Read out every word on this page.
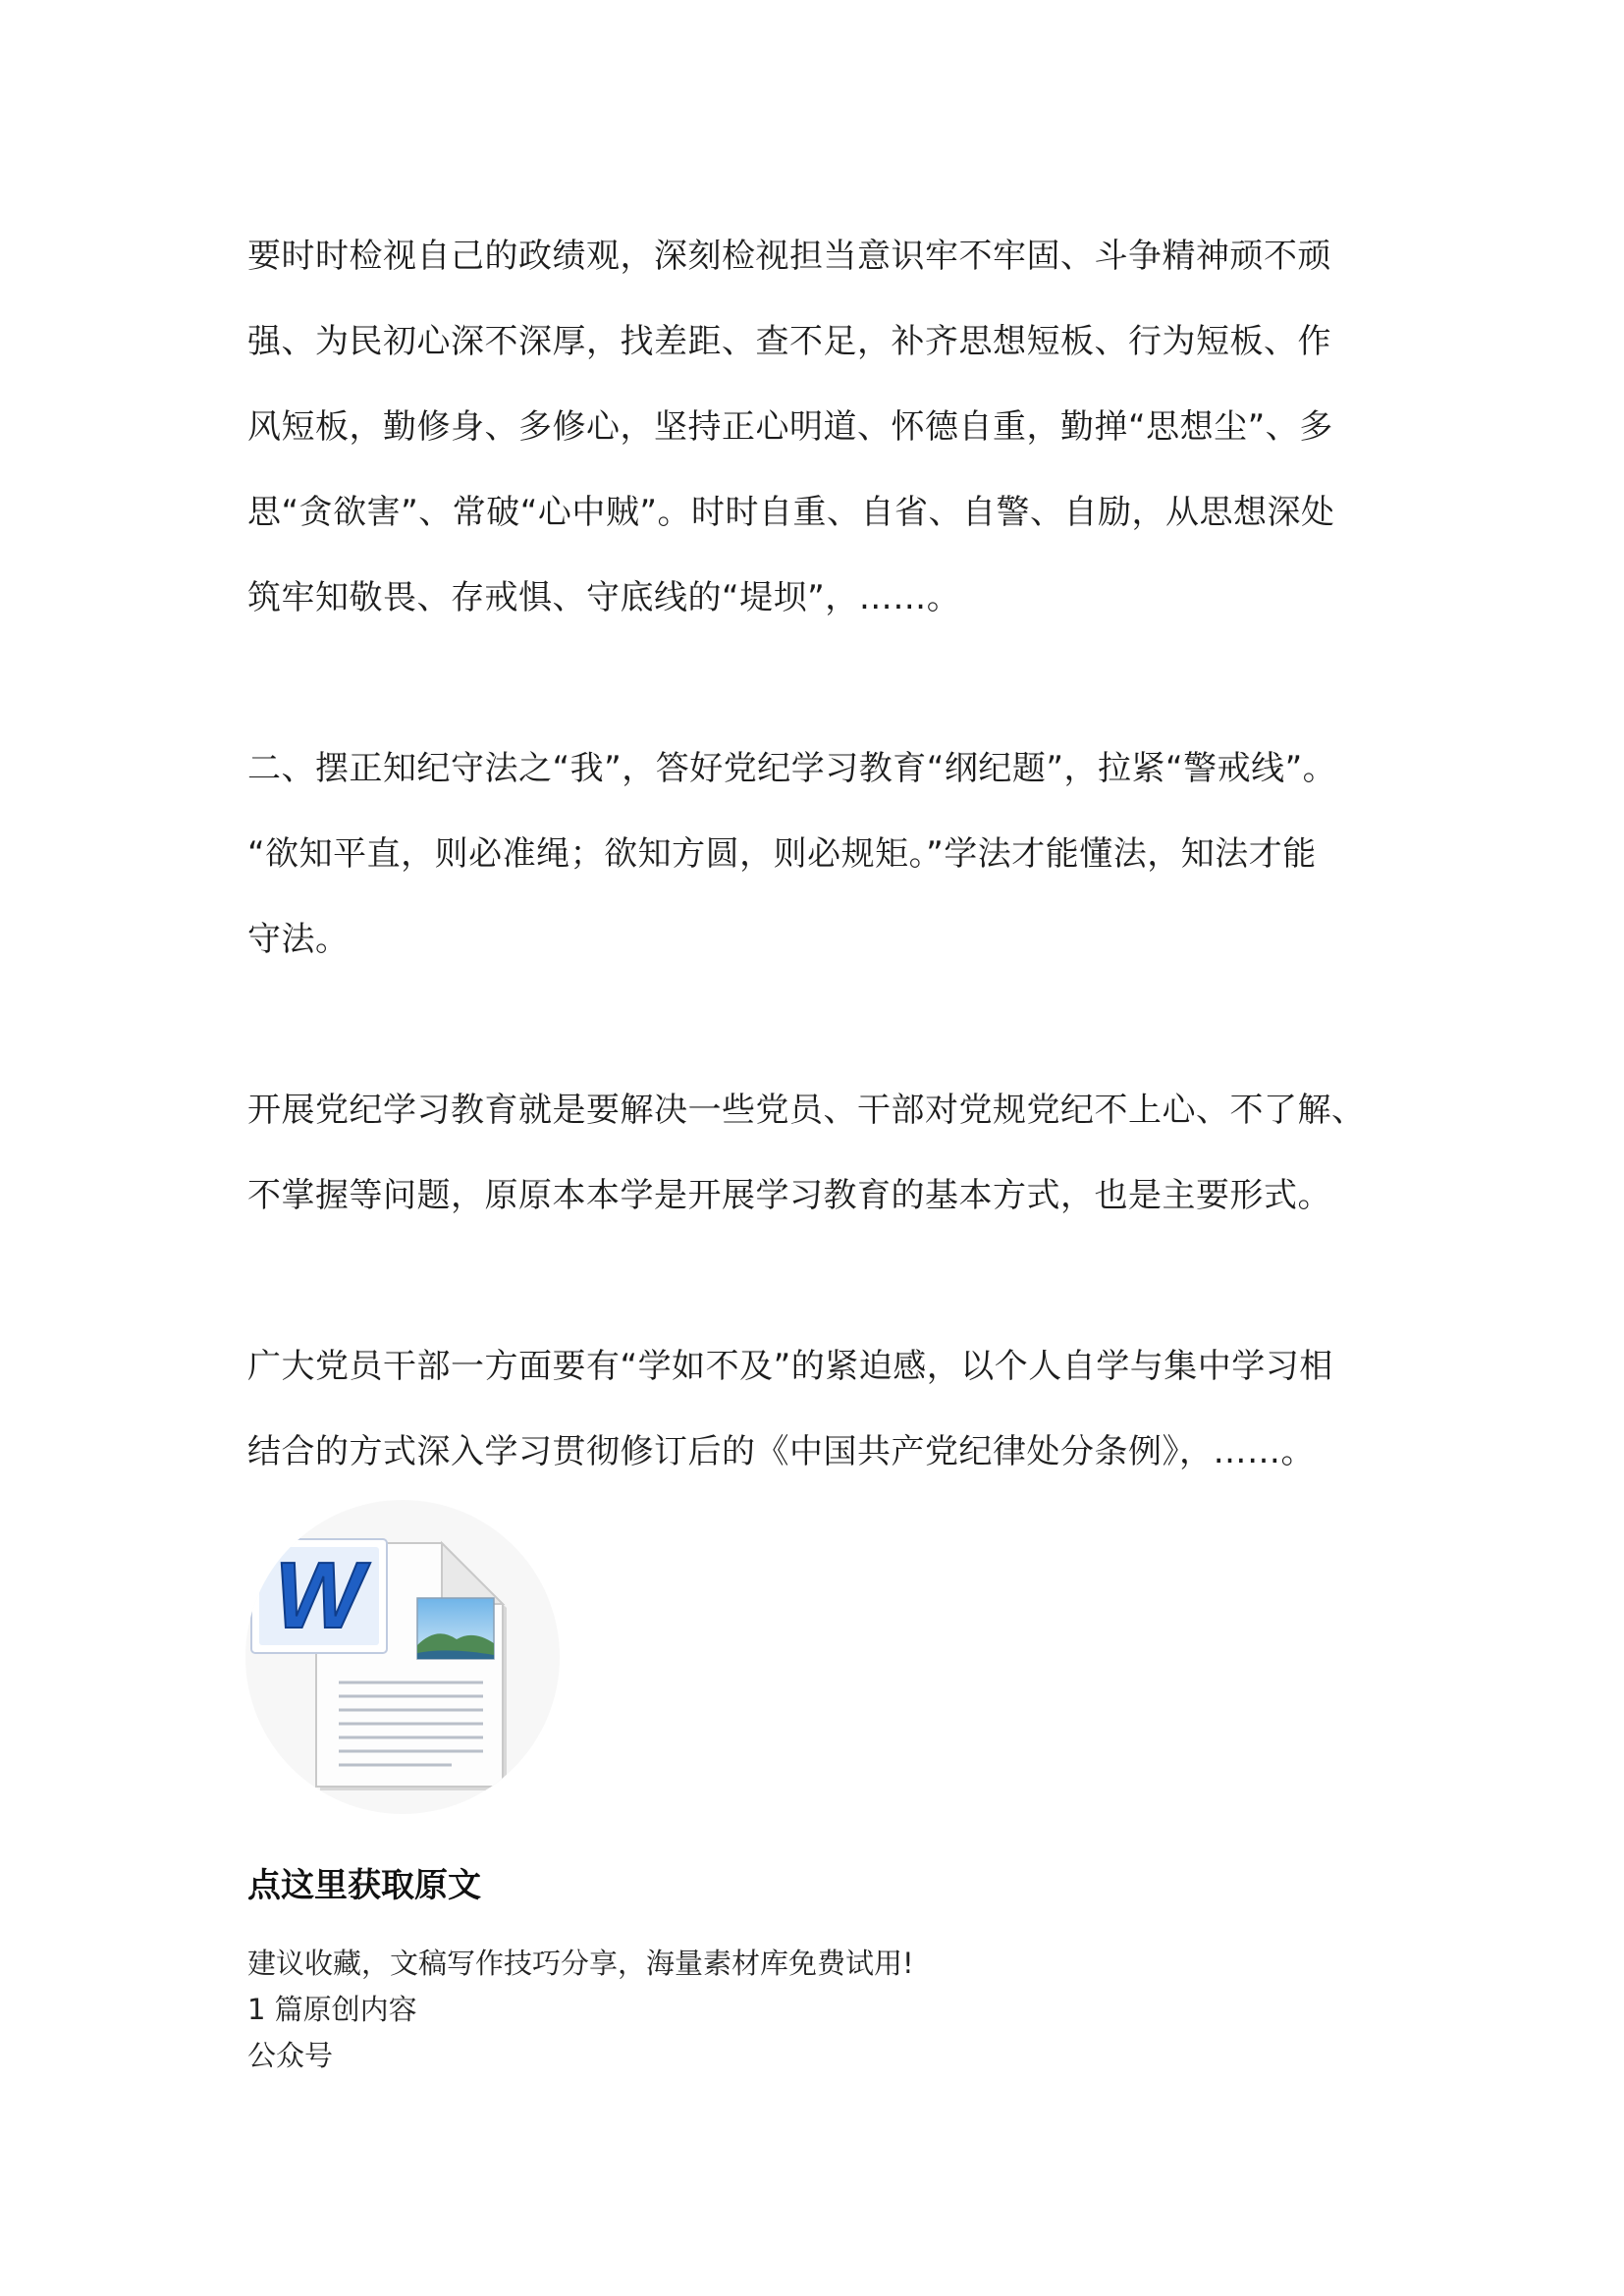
要时时检视自己的政绩观，深刻检视担当意识牢不牢固、斗争精神顽不顽
强、为民初心深不深厚，找差距、查不足，补齐思想短板、行为短板、作
风短板，勤修身、多修心，坚持正心明道、怀德自重，勤掸“思想尘”、多
思“贪欲害”、常破“心中贼”。时时自重、自省、自警、自励，从思想深处
筑牢知敬畏、存戒惧、守底线的“堤坝”，……。
二、摆正知纪守法之“我”，答好党纪学习教育“纲纪题”，拉紧“警戒线”。
“欲知平直，则必准绳；欲知方圆，则必规矩。”学法才能懂法，知法才能
守法。
开展党纪学习教育就是要解决一些党员、干部对党规党纪不上心、不了解、
不掌握等问题，原原本本学是开展学习教育的基本方式，也是主要形式。
广大党员干部一方面要有“学如不及”的紧迫感，以个人自学与集中学习相
结合的方式深入学习贯彻修订后的《中国共产党纪律处分条例》，……。
W

点这里获取原文

建议收藏，文稿写作技巧分享，海量素材库免费试用!

1 篇原创内容

公众号
